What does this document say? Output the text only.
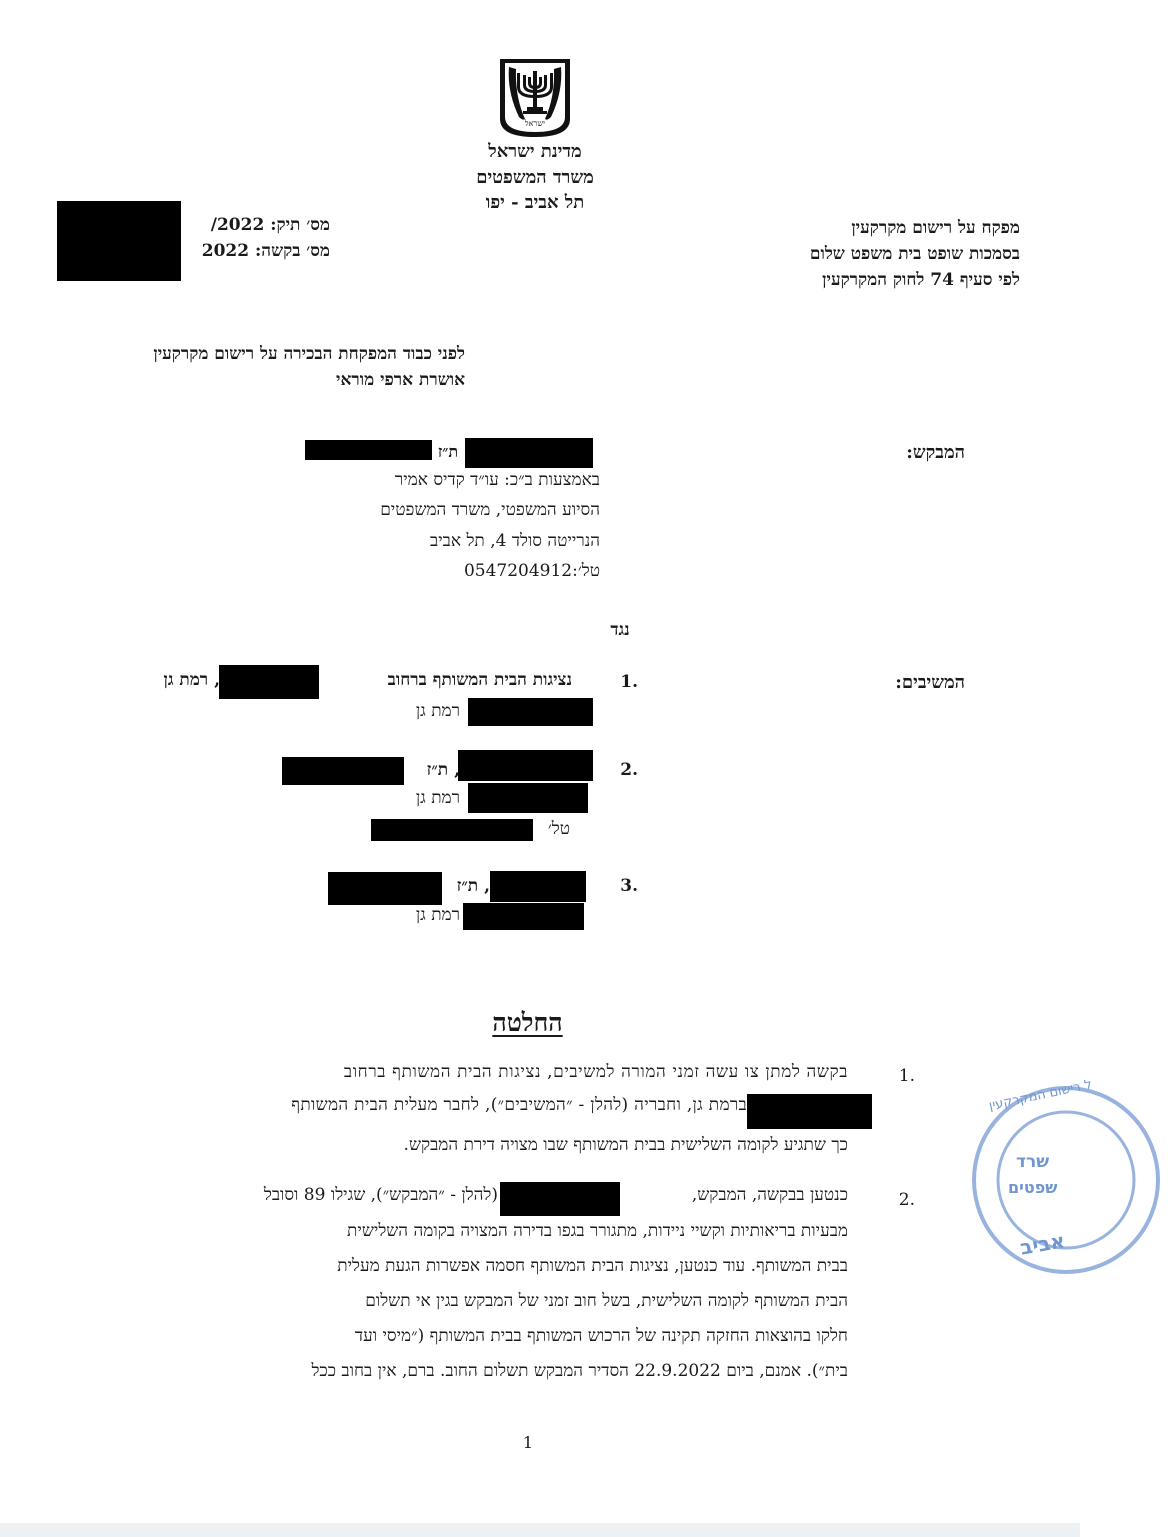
ישראל
מדינת ישראל
משרד המשפטים
תל אביב - יפו
מס׳ תיק: 2022/
מס׳ בקשה: 2022
מפקח על רישום מקרקעין
בסמכות שופט בית משפט שלום
לפי סעיף 74 לחוק המקרקעין
לפני כבוד המפקחת הבכירה על רישום מקרקעין
אושרת ארפי מוראי
המבקש:
ת״ז
באמצעות ב״כ: עו״ד קדיס אמיר
הסיוע המשפטי, משרד המשפטים
הנרייטה סולד 4, תל אביב
טל׳:0547204912
נגד
המשיבים:
1.
נציגות הבית המשותף ברחוב
, רמת גן
רמת גן
2.
, ת״ז
רמת גן
טל׳
3.
, ת״ז
רמת גן
החלטה
1.
בקשה למתן צו עשה זמני המורה למשיבים, נציגות הבית המשותף ברחוב
ברמת גן, וחבריה (להלן - ״המשיבים״), לחבר מעלית הבית המשותף
כך שתגיע לקומה השלישית בבית המשותף שבו מצויה דירת המבקש.
2.
כנטען בבקשה, המבקש,
(להלן - ״המבקש״), שגילו 89 וסובל
מבעיות בריאותיות וקשיי ניידות, מתגורר בגפו בדירה המצויה בקומה השלישית
בבית המשותף. עוד כנטען, נציגות הבית המשותף חסמה אפשרות הגעת מעלית
הבית המשותף לקומה השלישית, בשל חוב זמני של המבקש בגין אי תשלום
חלקו בהוצאות החזקה תקינה של הרכוש המשותף בבית המשותף (״מיסי ועד
בית״). אמנם, ביום 22.9.2022 הסדיר המבקש תשלום החוב. ברם, אין בחוב ככל
ל רישום המקרקעין
שרד
שפטים
אביב
1
